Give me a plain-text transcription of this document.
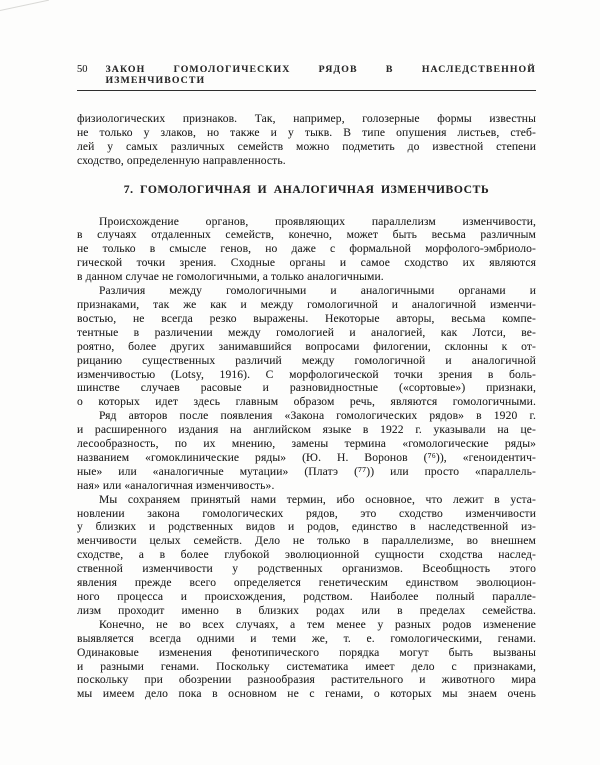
50 ЗАКОН ГОМОЛОГИЧЕСКИХ РЯДОВ В НАСЛЕДСТВЕННОЙ ИЗМЕНЧИВОСТИ
физиологических признаков. Так, например, голозерные формы известны
не только у злаков, но также и у тыкв. В типе опушения листьев, стеб-
лей у самых различных семейств можно подметить до известной степени
сходство, определенную направленность.
7. ГОМОЛОГИЧНАЯ И АНАЛОГИЧНАЯ ИЗМЕНЧИВОСТЬ
Происхождение органов, проявляющих параллелизм изменчивости,
в случаях отдаленных семейств, конечно, может быть весьма различным
не только в смысле генов, но даже с формальной морфолого-эмбриоло-
гической точки зрения. Сходные органы и самое сходство их являются
в данном случае не гомологичными, а только аналогичными.
Различия между гомологичными и аналогичными органами и
признаками, так же как и между гомологичной и аналогичной изменчи-
востью, не всегда резко выражены. Некоторые авторы, весьма компе-
тентные в различении между гомологией и аналогией, как Лотси, ве-
роятно, более других занимавшийся вопросами филогении, склонны к от-
рицанию существенных различий между гомологичной и аналогичной
изменчивостью (Lotsy, 1916). С морфологической точки зрения в боль-
шинстве случаев расовые и разновидностные («сортовые») признаки,
о которых идет здесь главным образом речь, являются гомологичными.
Ряд авторов после появления «Закона гомологических рядов» в 1920 г.
и расширенного издания на английском языке в 1922 г. указывали на це-
лесообразность, по их мнению, замены термина «гомологические ряды»
названием «гомоклинические ряды» (Ю. Н. Воронов (⁷⁶)), «геноидентич-
ные» или «аналогичные мутации» (Платэ (⁷⁷)) или просто «параллель-
ная» или «аналогичная изменчивость».
Мы сохраняем принятый нами термин, ибо основное, что лежит в уста-
новлении закона гомологических рядов, это сходство изменчивости
у близких и родственных видов и родов, единство в наследственной из-
менчивости целых семейств. Дело не только в параллелизме, во внешнем
сходстве, а в более глубокой эволюционной сущности сходства наслед-
ственной изменчивости у родственных организмов. Всеобщность этого
явления прежде всего определяется генетическим единством эволюцион-
ного процесса и происхождения, родством. Наиболее полный паралле-
лизм проходит именно в близких родах или в пределах семейства.
Конечно, не во всех случаях, а тем менее у разных родов изменение
выявляется всегда одними и теми же, т. е. гомологическими, генами.
Одинаковые изменения фенотипического порядка могут быть вызваны
и разными генами. Поскольку систематика имеет дело с признаками,
поскольку при обозрении разнообразия растительного и животного мира
мы имеем дело пока в основном не с генами, о которых мы знаем очень
